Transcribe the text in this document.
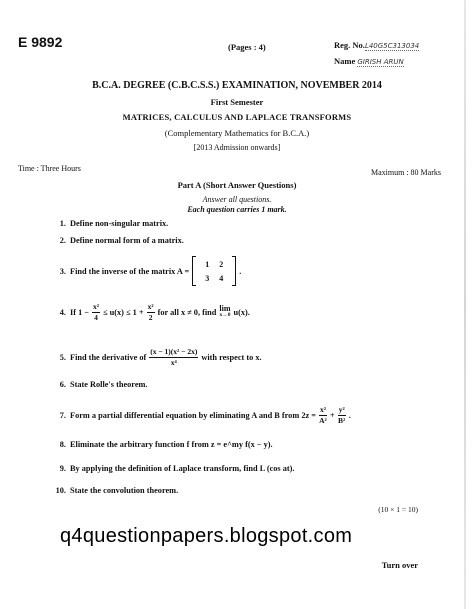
E 9892	(Pages : 4)	Reg. No.L40G5C313034
Name GIRISH ARUN
B.C.A. DEGREE (C.B.C.S.S.) EXAMINATION, NOVEMBER 2014
First Semester
MATRICES, CALCULUS AND LAPLACE TRANSFORMS
(Complementary Mathematics for B.C.A.)
[2013 Admission onwards]
Time : Three Hours	Maximum : 80 Marks
Part A (Short Answer Questions)
Answer all questions.
Each question carries 1 mark.
1. Define non-singular matrix.
2. Define normal form of a matrix.
3. Find the inverse of the matrix A =
1	2
3	4
.
4. If $1 - \frac{\text{x²}}{4} \le u(x) \le 1 + \frac{\text{x²}}{2}$ for all x ≠ 0, find lim
x→0 u(x).
5. Find the derivative of $\frac{\text{(x − 1)(x² − 2x)}}{\text{x⁴}}$ with respect to x.
6. State Rolle's theorem.
7. Form a partial differential equation by eliminating A and B from $2z = \frac{\text{x²}}{\text{A²}} + \frac{\text{y²}}{\text{B²}}$ .
8. Eliminate the arbitrary function f from z = e^my f(x − y).
9. By applying the definition of Laplace transform, find L (cos at).
10. State the convolution theorem.
(10 × 1 = 10)
q4questionpapers.blogspot.com
Turn over
